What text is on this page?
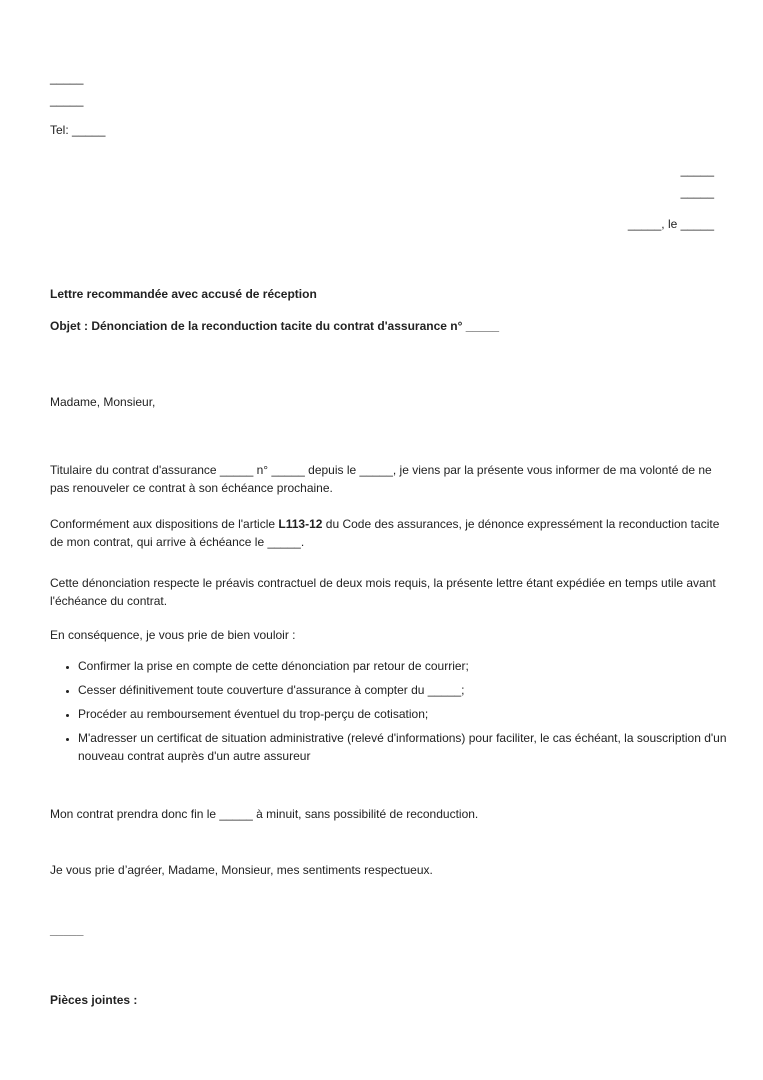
_____

_____

Tel: _____

_____

_____

_____, le _____

Lettre recommandée avec accusé de réception

Objet : Dénonciation de la reconduction tacite du contrat d'assurance n° _____

Madame, Monsieur,

Titulaire du contrat d'assurance _____ n° _____ depuis le _____, je viens par la présente vous informer de ma volonté de ne pas renouveler ce contrat à son échéance prochaine.

Conformément aux dispositions de l'article L113-12 du Code des assurances, je dénonce expressément la reconduction tacite de mon contrat, qui arrive à échéance le _____.

Cette dénonciation respecte le préavis contractuel de deux mois requis, la présente lettre étant expédiée en temps utile avant l'échéance du contrat.

En conséquence, je vous prie de bien vouloir :

• Confirmer la prise en compte de cette dénonciation par retour de courrier;
• Cesser définitivement toute couverture d'assurance à compter du _____;
• Procéder au remboursement éventuel du trop-perçu de cotisation;
• M'adresser un certificat de situation administrative (relevé d'informations) pour faciliter, le cas échéant, la souscription d'un nouveau contrat auprès d'un autre assureur

Mon contrat prendra donc fin le _____ à minuit, sans possibilité de reconduction.

Je vous prie d’agréer, Madame, Monsieur, mes sentiments respectueux.

_____

Pièces jointes :
